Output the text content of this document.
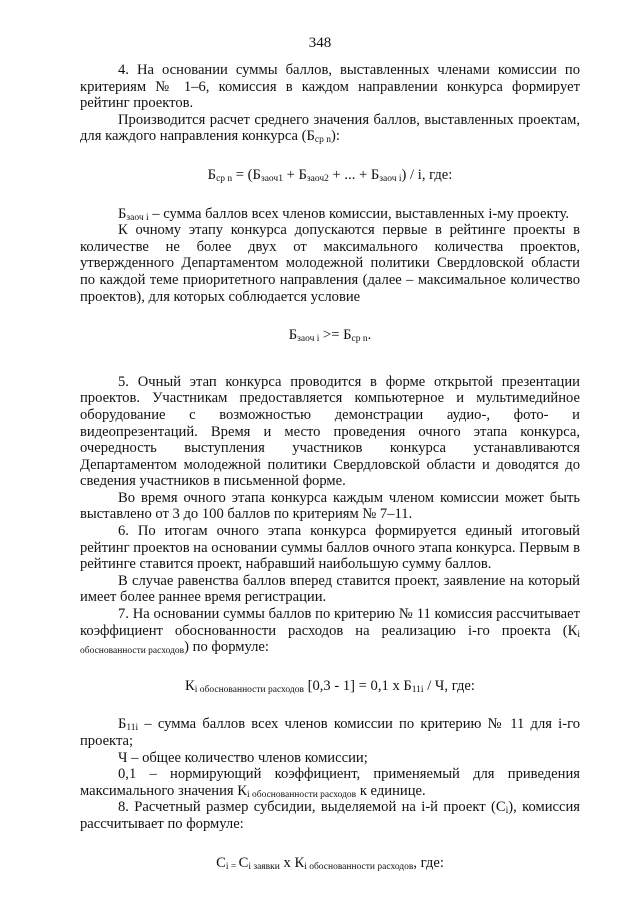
348

4. На основании суммы баллов, выставленных членами комиссии по критериям № 1–6, комиссия в каждом направлении конкурса формирует рейтинг проектов.

Производится расчет среднего значения баллов, выставленных проектам, для каждого направления конкурса $(Б_{ср n})$:

$Б_{ср n} = (Б_{заоч1} + Б_{заоч2}$ + ... + $Б_{заоч i}$) / i, где:

$Б_{заоч i}$ – сумма баллов всех членов комиссии, выставленных i-му проекту.

К очному этапу конкурса допускаются первые в рейтинге проекты в количестве не более двух от максимального количества проектов, утвержденного Департаментом молодежной политики Свердловской области по каждой теме приоритетного направления (далее – максимальное количество проектов), для которых соблюдается условие

$Б_{заоч i} >= Б_{ср n}$.

5. Очный этап конкурса проводится в форме открытой презентации проектов. Участникам предоставляется компьютерное и мультимедийное оборудование с возможностью демонстрации аудио-, фото- и видеопрезентаций. Время и место проведения очного этапа конкурса, очередность выступления участников конкурса устанавливаются Департаментом молодежной политики Свердловской области и доводятся до сведения участников в письменной форме.

Во время очного этапа конкурса каждым членом комиссии может быть выставлено от 3 до 100 баллов по критериям № 7–11.

6. По итогам очного этапа конкурса формируется единый итоговый рейтинг проектов на основании суммы баллов очного этапа конкурса. Первым в рейтинге ставится проект, набравший наибольшую сумму баллов.

В случае равенства баллов вперед ставится проект, заявление на который имеет более раннее время регистрации.

7. На основании суммы баллов по критерию № 11 комиссия рассчитывает коэффициент обоснованности расходов на реализацию i-го проекта $(К_{i обоснованности расходов})$ по формуле:

$К_{i обоснованности расходов}$ [0,3 - 1] = 0,1 x $Б_{11i}$ / Ч, где:

$Б_{11i}$ – сумма баллов всех членов комиссии по критерию № 11 для i-го проекта;

Ч – общее количество членов комиссии;

0,1 – нормирующий коэффициент, применяемый для приведения максимального значения $К_{i обоснованности расходов}$ к единице.

8. Расчетный размер субсидии, выделяемой на i-й проект $(С_i)$, комиссия рассчитывает по формуле:

$С_{i =}$ $С_{i заявки}$ x $К_{i обоснованности расходов}$, где:
